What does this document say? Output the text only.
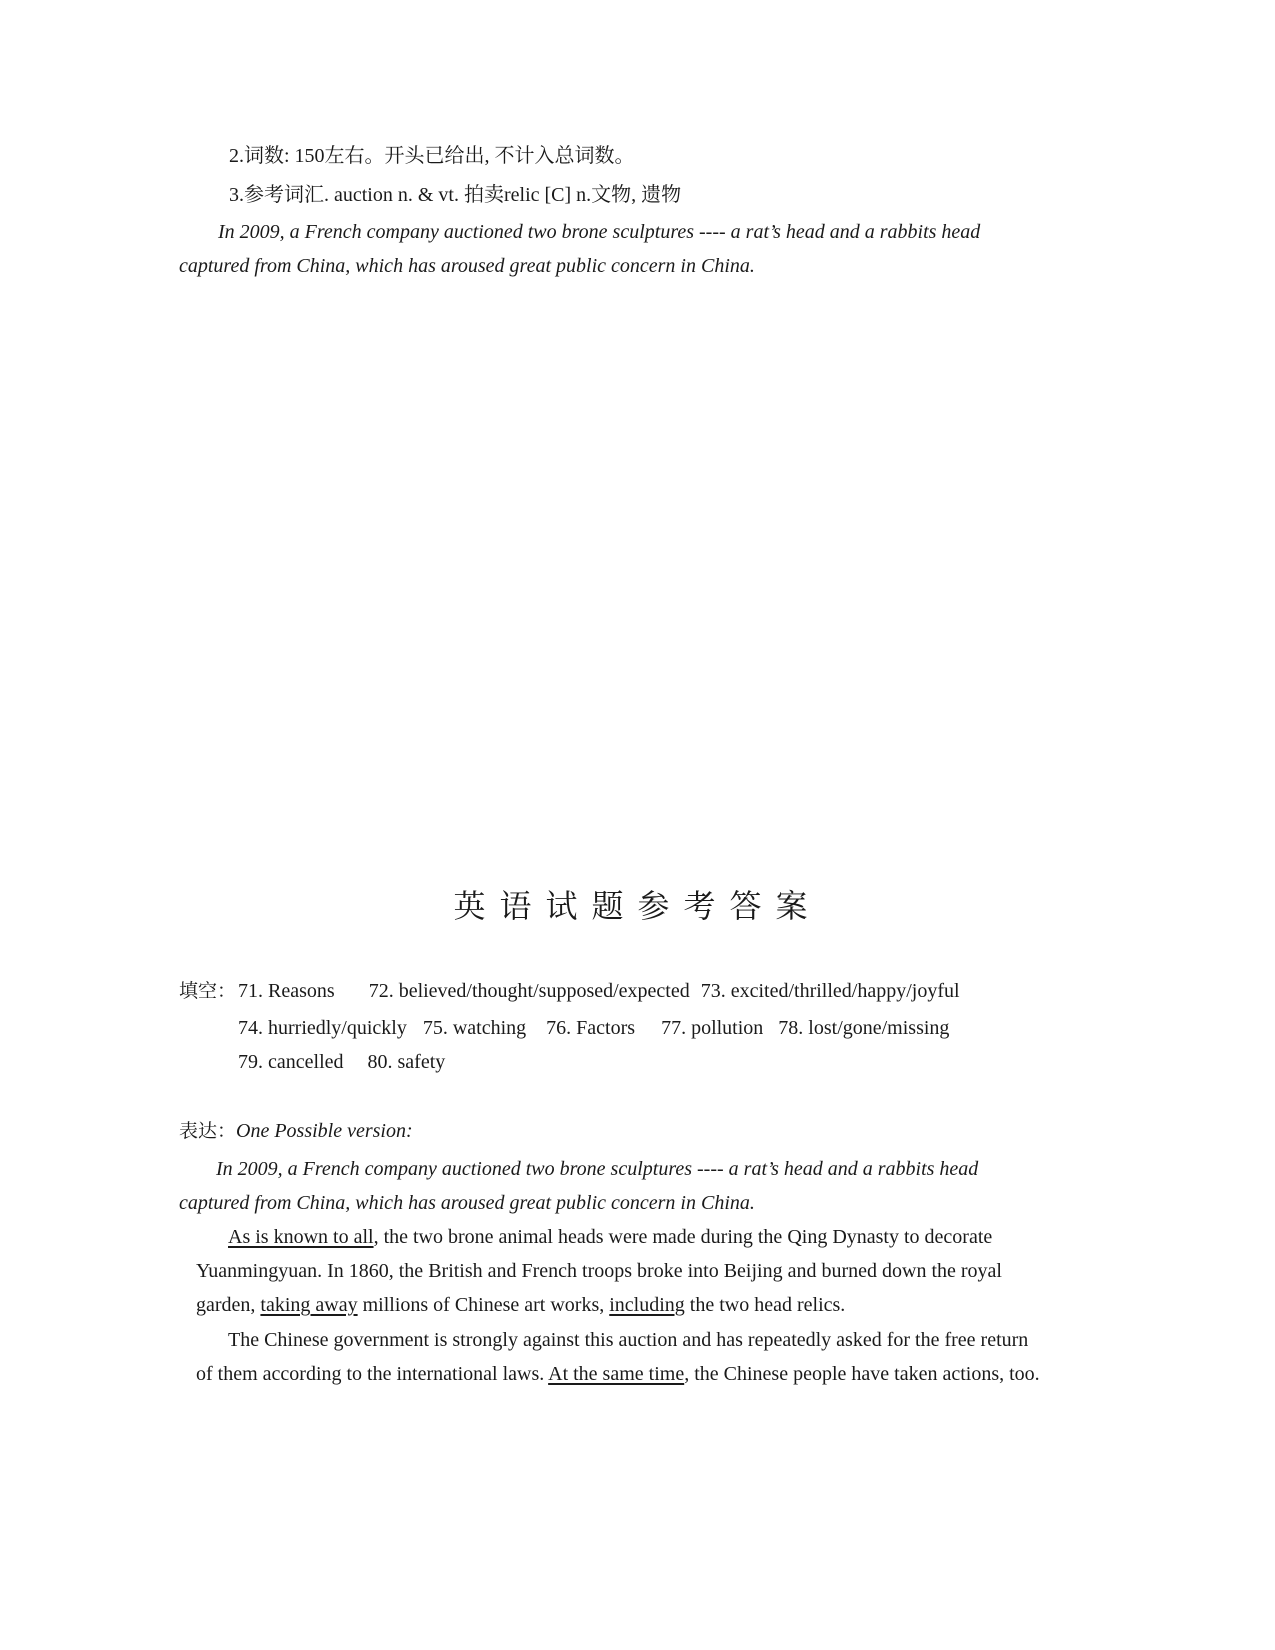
2.词数: 150左右。开头已给出, 不计入总词数。
3.参考词汇. auction n. & vt. 拍卖relic [C] n.文物, 遗物
In 2009, a French company auctioned two brone sculptures ---- a rat’s head and a rabbits head
captured from China, which has aroused great public concern in China.
英语试题参考答案
填空： 71. Reasons 72. believed/thought/supposed/expected 73. excited/thrilled/happy/joyful
74. hurriedly/quickly 75. watching 76. Factors 77. pollution 78. lost/gone/missing
79. cancelled 80. safety
表达：One Possible version:
In 2009, a French company auctioned two brone sculptures ---- a rat’s head and a rabbits head
captured from China, which has aroused great public concern in China.
As is known to all, the two brone animal heads were made during the Qing Dynasty to decorate
Yuanmingyuan. In 1860, the British and French troops broke into Beijing and burned down the royal
garden, taking away millions of Chinese art works, including the two head relics.
The Chinese government is strongly against this auction and has repeatedly asked for the free return
of them according to the international laws. At the same time, the Chinese people have taken actions, too.
